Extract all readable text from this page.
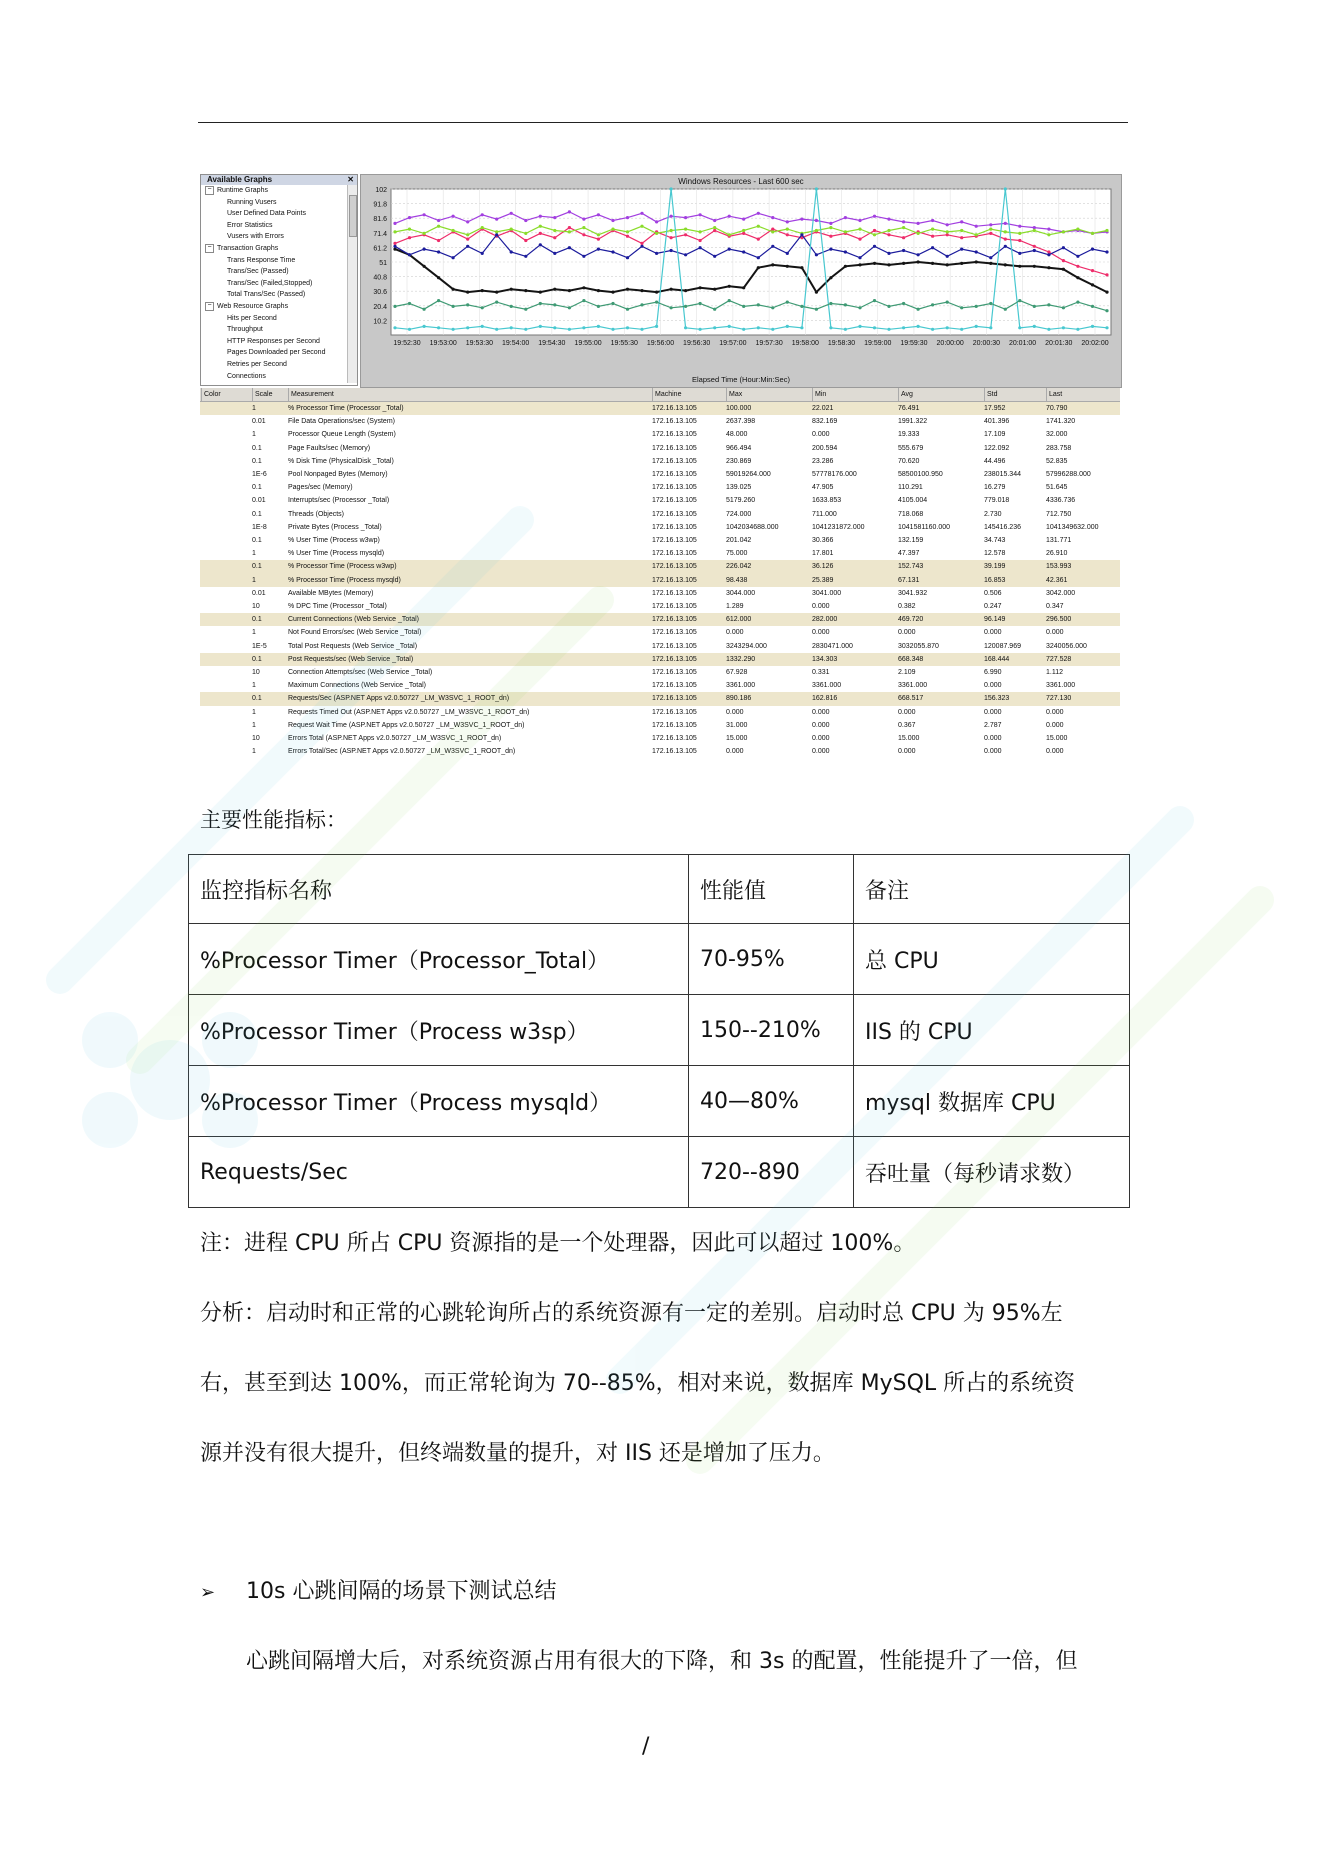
Available Graphs	✕
− Runtime Graphs
Running Vusers
User Defined Data Points
Error Statistics
Vusers with Errors
− Transaction Graphs
Trans Response Time
Trans/Sec (Passed)
Trans/Sec (Failed,Stopped)
Total Trans/Sec (Passed)
− Web Resource Graphs
Hits per Second
Throughput
HTTP Responses per Second
Pages Downloaded per Second
Retries per Second
Connections
Windows Resources - Last 600 sec
102
91.8
81.6
71.4
61.2
51
40.8
30.6
20.4
10.2
19:52:30 19:53:00 19:53:30 19:54:00 19:54:30 19:55:00 19:55:30 19:56:00 19:56:30 19:57:00 19:57:30 19:58:00 19:58:30 19:59:00 19:59:30 20:00:00 20:00:30 20:01:00 20:01:30 20:02:00
Elapsed Time (Hour:Min:Sec)
Color	Scale	Measurement	Machine	Max	Min	Avg	Std	Last
1	% Processor Time (Processor _Total)	172.16.13.105	100.000	22.021	76.491	17.952	70.790
0.01	File Data Operations/sec (System)	172.16.13.105	2637.398	832.169	1991.322	401.396	1741.320
1	Processor Queue Length (System)	172.16.13.105	48.000	0.000	19.333	17.109	32.000
0.1	Page Faults/sec (Memory)	172.16.13.105	966.494	200.594	555.679	122.092	283.758
0.1	% Disk Time (PhysicalDisk _Total)	172.16.13.105	230.869	23.286	70.620	44.496	52.835
1E-6	Pool Nonpaged Bytes (Memory)	172.16.13.105	59019264.000	57778176.000	58500100.950	238015.344	57996288.000
0.1	Pages/sec (Memory)	172.16.13.105	139.025	47.905	110.291	16.279	51.645
0.01	Interrupts/sec (Processor _Total)	172.16.13.105	5179.260	1633.853	4105.004	779.018	4336.736
0.1	Threads (Objects)	172.16.13.105	724.000	711.000	718.068	2.730	712.750
1E-8	Private Bytes (Process _Total)	172.16.13.105	1042034688.000	1041231872.000	1041581160.000	145416.236	1041349632.000
0.1	% User Time (Process w3wp)	172.16.13.105	201.042	30.366	132.159	34.743	131.771
1	% User Time (Process mysqld)	172.16.13.105	75.000	17.801	47.397	12.578	26.910
0.1	% Processor Time (Process w3wp)	172.16.13.105	226.042	36.126	152.743	39.199	153.993
1	% Processor Time (Process mysqld)	172.16.13.105	98.438	25.389	67.131	16.853	42.361
0.01	Available MBytes (Memory)	172.16.13.105	3044.000	3041.000	3041.932	0.506	3042.000
10	% DPC Time (Processor _Total)	172.16.13.105	1.289	0.000	0.382	0.247	0.347
0.1	Current Connections (Web Service _Total)	172.16.13.105	612.000	282.000	469.720	96.149	296.500
1	Not Found Errors/sec (Web Service _Total)	172.16.13.105	0.000	0.000	0.000	0.000	0.000
1E-5	Total Post Requests (Web Service _Total)	172.16.13.105	3243294.000	2830471.000	3032055.870	120087.969	3240056.000
0.1	Post Requests/sec (Web Service _Total)	172.16.13.105	1332.290	134.303	668.348	168.444	727.528
10	Connection Attempts/sec (Web Service _Total)	172.16.13.105	67.928	0.331	2.109	6.990	1.112
1	Maximum Connections (Web Service _Total)	172.16.13.105	3361.000	3361.000	3361.000	0.000	3361.000
0.1	Requests/Sec (ASP.NET Apps v2.0.50727 _LM_W3SVC_1_ROOT_dn)	172.16.13.105	890.186	162.816	668.517	156.323	727.130
1	Requests Timed Out (ASP.NET Apps v2.0.50727 _LM_W3SVC_1_ROOT_dn)	172.16.13.105	0.000	0.000	0.000	0.000	0.000
1	Request Wait Time (ASP.NET Apps v2.0.50727 _LM_W3SVC_1_ROOT_dn)	172.16.13.105	31.000	0.000	0.367	2.787	0.000
10	Errors Total (ASP.NET Apps v2.0.50727 _LM_W3SVC_1_ROOT_dn)	172.16.13.105	15.000	0.000	15.000	0.000	15.000
1	Errors Total/Sec (ASP.NET Apps v2.0.50727 _LM_W3SVC_1_ROOT_dn)	172.16.13.105	0.000	0.000	0.000	0.000	0.000
主要性能指标：
监控指标名称	性能值	备注
%Processor Timer（Processor_Total）	70-95%	总 CPU
%Processor Timer（Process w3sp）	150--210%	IIS 的 CPU
%Processor Timer（Process mysqld）	40—80%	mysql 数据库 CPU
Requests/Sec	720--890	吞吐量（每秒请求数）
注：进程 CPU 所占 CPU 资源指的是一个处理器，因此可以超过 100%。
分析：启动时和正常的心跳轮询所占的系统资源有一定的差别。启动时总 CPU 为 95%左
右，甚至到达 100%，而正常轮询为 70--85%，相对来说，数据库 MySQL 所占的系统资
源并没有很大提升，但终端数量的提升，对 IIS 还是增加了压力。
➢ 10s 心跳间隔的场景下测试总结
心跳间隔增大后，对系统资源占用有很大的下降，和 3s 的配置，性能提升了一倍，但
/
